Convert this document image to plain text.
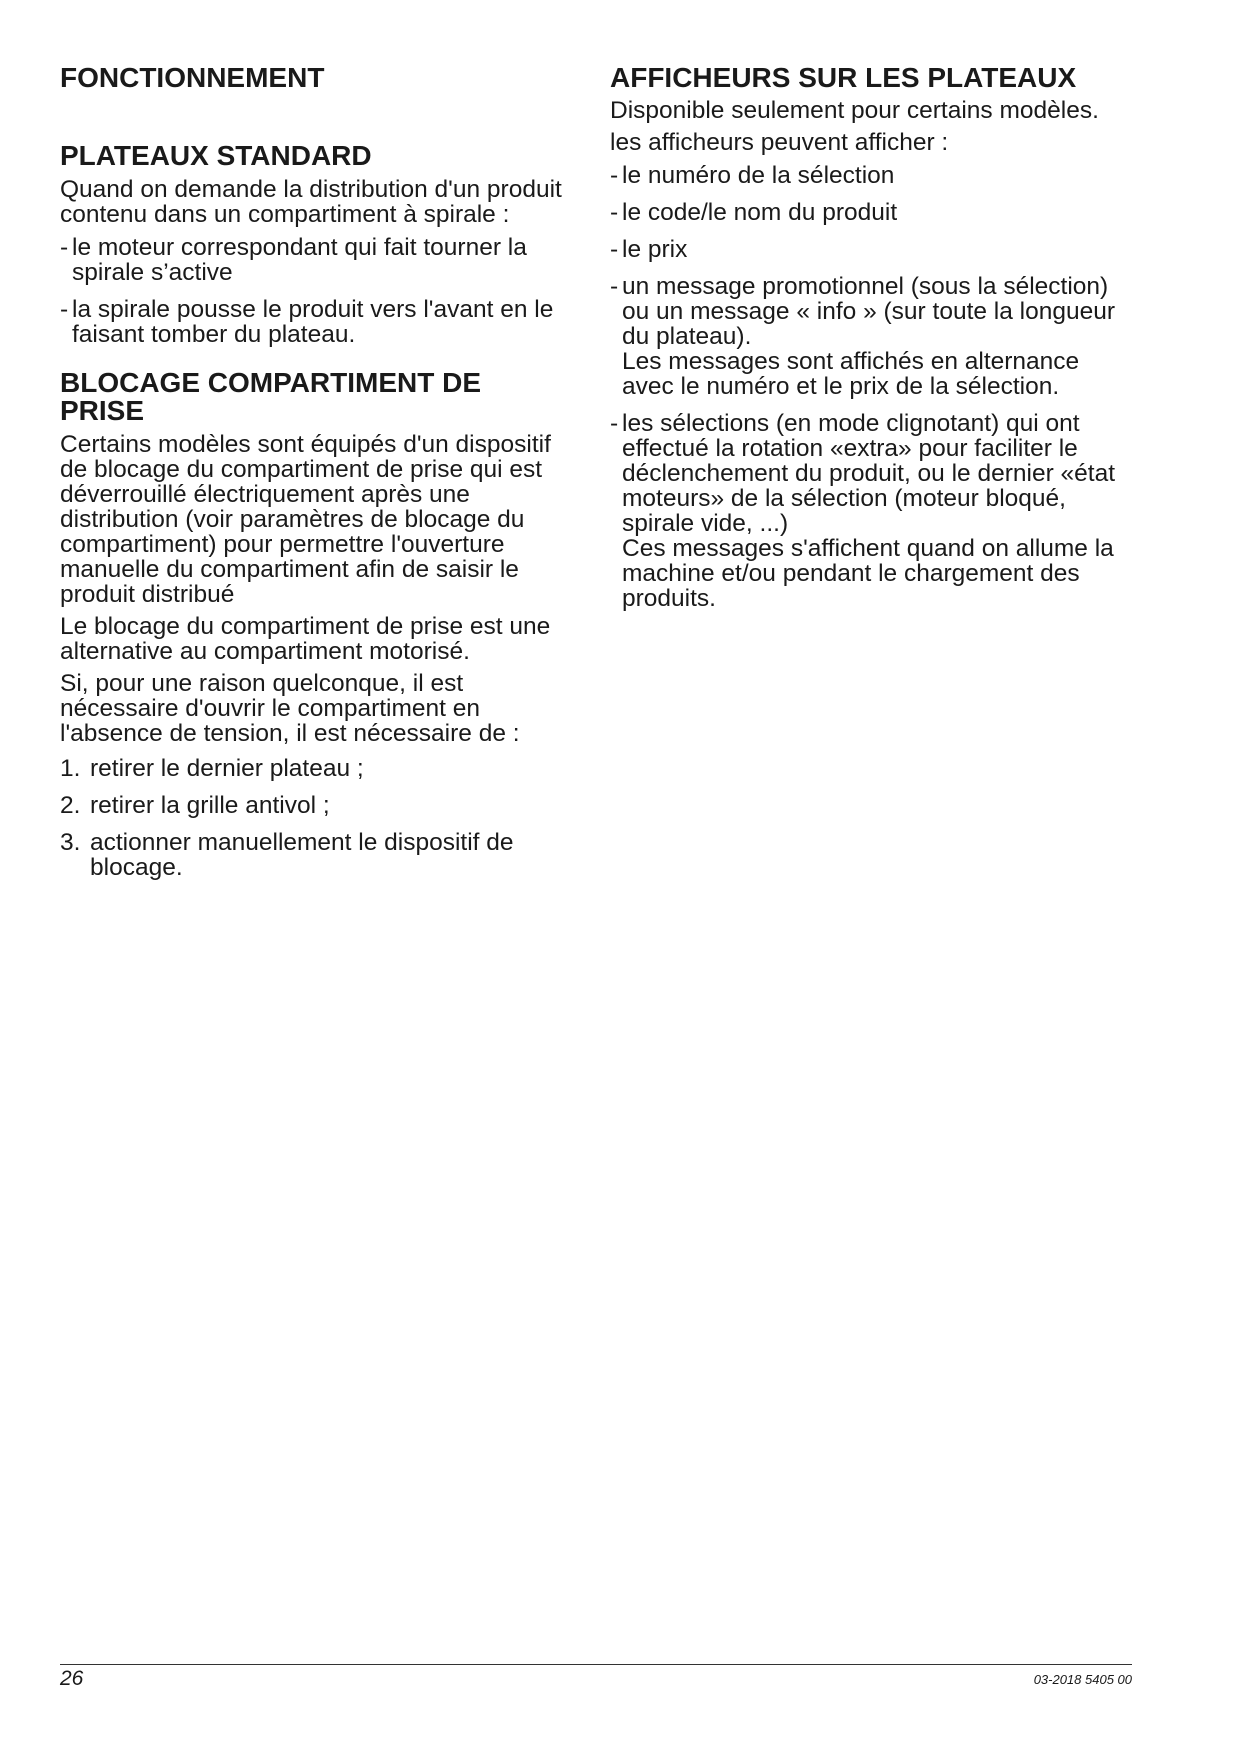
FONCTIONNEMENT
PLATEAUX STANDARD

Quand on demande la distribution d'un produit contenu dans un compartiment à spirale :

- le moteur correspondant qui fait tourner la spirale s’active
- la spirale pousse le produit vers l'avant en le faisant tomber du plateau.
BLOCAGE COMPARTIMENT DE PRISE

Certains modèles sont équipés d'un dispositif de blocage du compartiment de prise qui est déverrouillé électriquement après une distribution (voir paramètres de blocage du compartiment) pour permettre l'ouverture manuelle du compartiment afin de saisir le produit distribué

Le blocage du compartiment de prise est une alternative au compartiment motorisé.

Si, pour une raison quelconque, il est nécessaire d'ouvrir le compartiment en l'absence de tension, il est nécessaire de :

1. retirer le dernier plateau ;
2. retirer la grille antivol ;
3. actionner manuellement le dispositif de blocage.
AFFICHEURS SUR LES PLATEAUX

Disponible seulement pour certains modèles.

les afficheurs peuvent afficher :

- le numéro de la sélection
- le code/le nom du produit
- le prix
- un message promotionnel (sous la sélection) ou un message « info » (sur toute la longueur du plateau).
Les messages sont affichés en alternance avec le numéro et le prix de la sélection.
- les sélections (en mode clignotant) qui ont effectué la rotation «extra» pour faciliter le déclenchement du produit, ou le dernier «état moteurs» de la sélection (moteur bloqué, spirale vide, ...)
Ces messages s'affichent quand on allume la machine et/ou pendant le chargement des produits.
26	03-2018 5405 00
